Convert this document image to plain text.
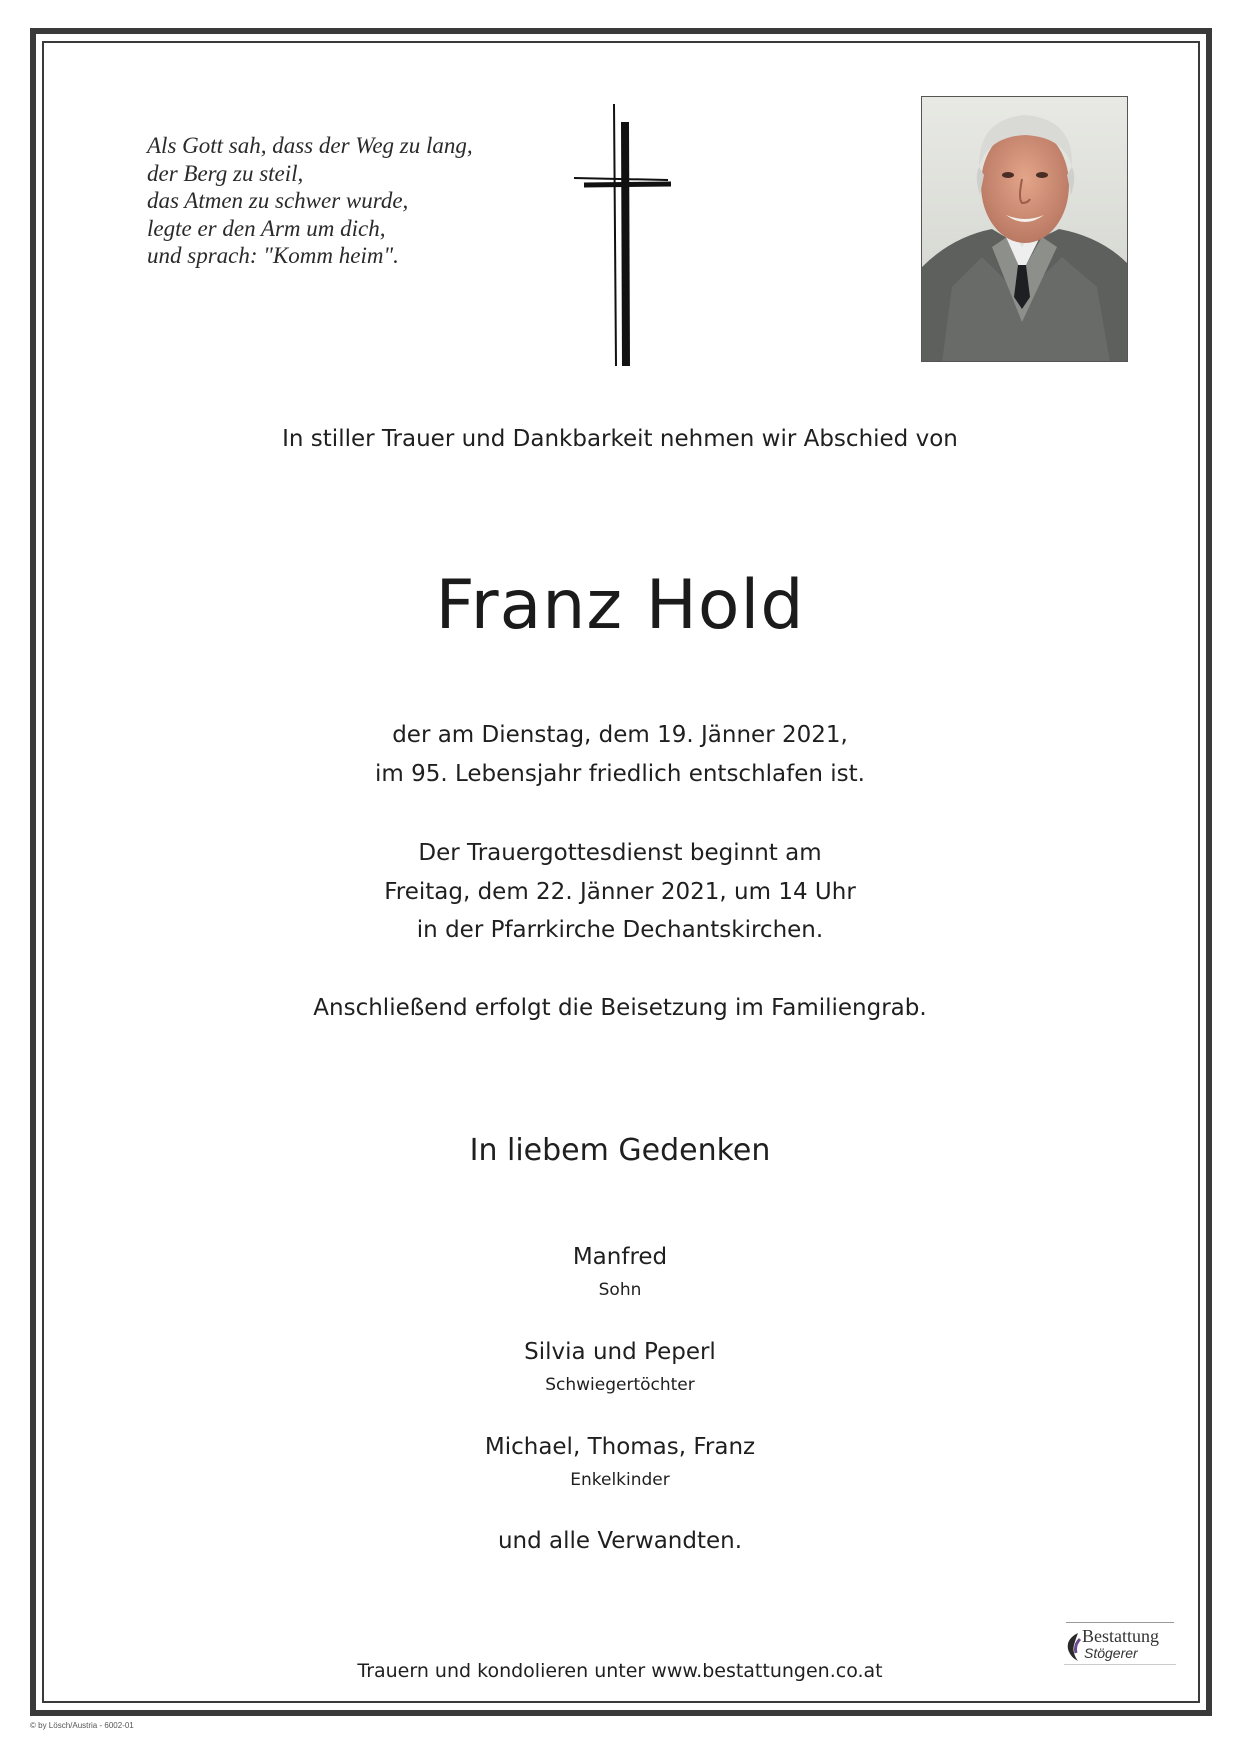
Als Gott sah, dass der Weg zu lang,
der Berg zu steil,
das Atmen zu schwer wurde,
legte er den Arm um dich,
und sprach: "Komm heim".
In stiller Trauer und Dankbarkeit nehmen wir Abschied von
Franz Hold
der am Dienstag, dem 19. Jänner 2021,
im 95. Lebensjahr friedlich entschlafen ist.
Der Trauergottesdienst beginnt am
Freitag, dem 22. Jänner 2021, um 14 Uhr
in der Pfarrkirche Dechantskirchen.
Anschließend erfolgt die Beisetzung im Familiengrab.
In liebem Gedenken
Manfred
Sohn
Silvia und Peperl
Schwiegertöchter
Michael, Thomas, Franz
Enkelkinder
und alle Verwandten.
Trauern und kondolieren unter www.bestattungen.co.at
Bestattung
Stögerer
© by Lösch/Austria - 6002-01
